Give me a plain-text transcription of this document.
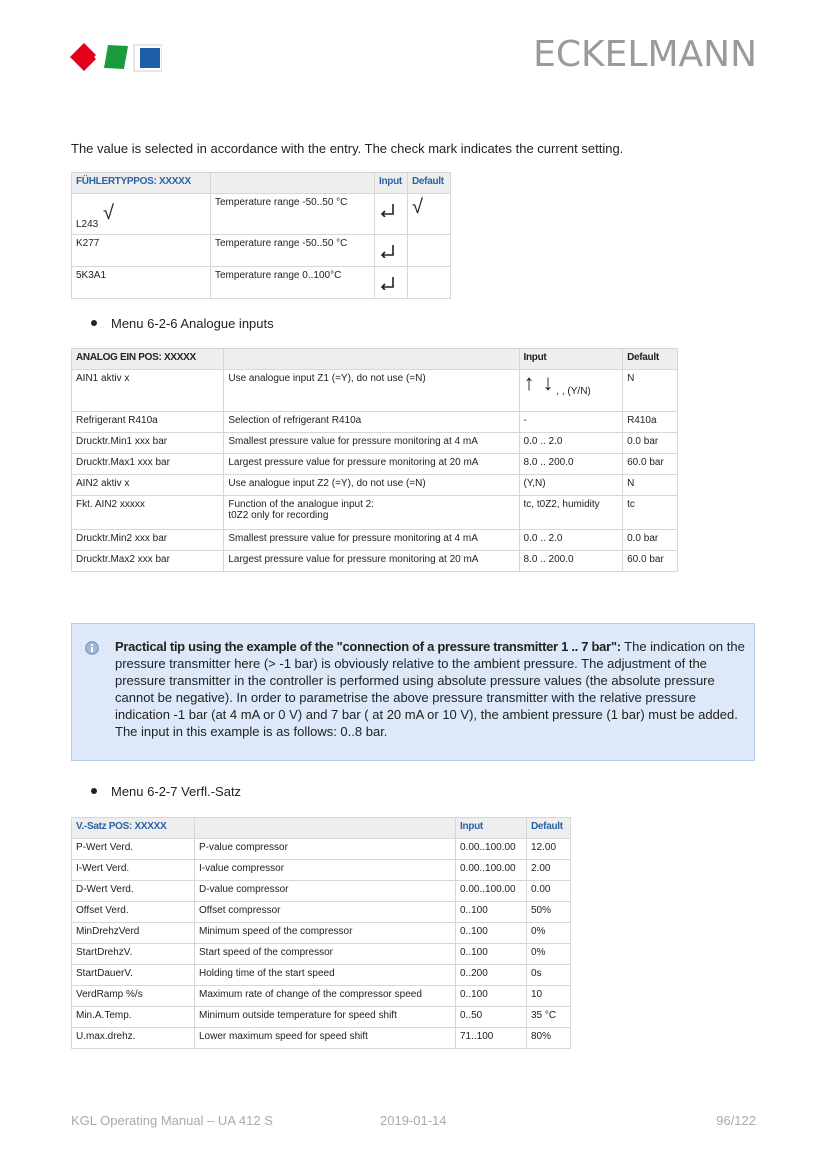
ECKELMANN
The value is selected in accordance with the entry. The check mark indicates the current setting.
FÜHLERTYPPOS: XXXXX		Input	Default
L243 √	Temperature range -50..50 °C		√
K277	Temperature range -50..50 °C		
5K3A1	Temperature range 0..100°C		
Menu 6-2-6 Analogue inputs
ANALOG EIN POS: XXXXX		Input	Default
AIN1 aktiv x	Use analogue input Z1 (=Y), do not use (=N)	↑ ↓ , , (Y/N)	N
Refrigerant R410a	Selection of refrigerant R410a	-	R410a
Drucktr.Min1 xxx bar	Smallest pressure value for pressure monitoring at 4 mA	0.0 .. 2.0	0.0 bar
Drucktr.Max1 xxx bar	Largest pressure value for pressure monitoring at 20 mA	8.0 .. 200.0	60.0 bar
AIN2 aktiv x	Use analogue input Z2 (=Y), do not use (=N)	(Y,N)	N
Fkt. AIN2 xxxxx	Function of the analogue input 2:
t0Z2 only for recording	tc, t0Z2, humidity	tc
Drucktr.Min2 xxx bar	Smallest pressure value for pressure monitoring at 4 mA	0.0 .. 2.0	0.0 bar
Drucktr.Max2 xxx bar	Largest pressure value for pressure monitoring at 20 mA	8.0 .. 200.0	60.0 bar
Practical tip using the example of the "connection of a pressure transmitter 1 .. 7 bar": The indication on the pressure transmitter here (> -1 bar) is obviously relative to the ambient pressure. The adjustment of the pressure transmitter in the controller is performed using absolute pressure values (the absolute pressure cannot be negative). In order to parametrise the above pressure transmitter with the relative pressure indication -1 bar (at 4 mA or 0 V) and 7 bar ( at 20 mA or 10 V), the ambient pressure (1 bar) must be added. The input in this example is as follows: 0..8 bar.
Menu 6-2-7 Verfl.-Satz
V.-Satz POS: XXXXX		Input	Default
P-Wert Verd.	P-value compressor	0.00..100.00	12.00
I-Wert Verd.	I-value compressor	0.00..100.00	2.00
D-Wert Verd.	D-value compressor	0.00..100.00	0.00
Offset Verd.	Offset compressor	0..100	50%
MinDrehzVerd	Minimum speed of the compressor	0..100	0%
StartDrehzV.	Start speed of the compressor	0..100	0%
StartDauerV.	Holding time of the start speed	0..200	0s
VerdRamp %/s	Maximum rate of change of the compressor speed	0..100	10
Min.A.Temp.	Minimum outside temperature for speed shift	0..50	35 °C
U.max.drehz.	Lower maximum speed for speed shift	71..100	80%
KGL Operating Manual – UA 412 S	2019-01-14	96/122
